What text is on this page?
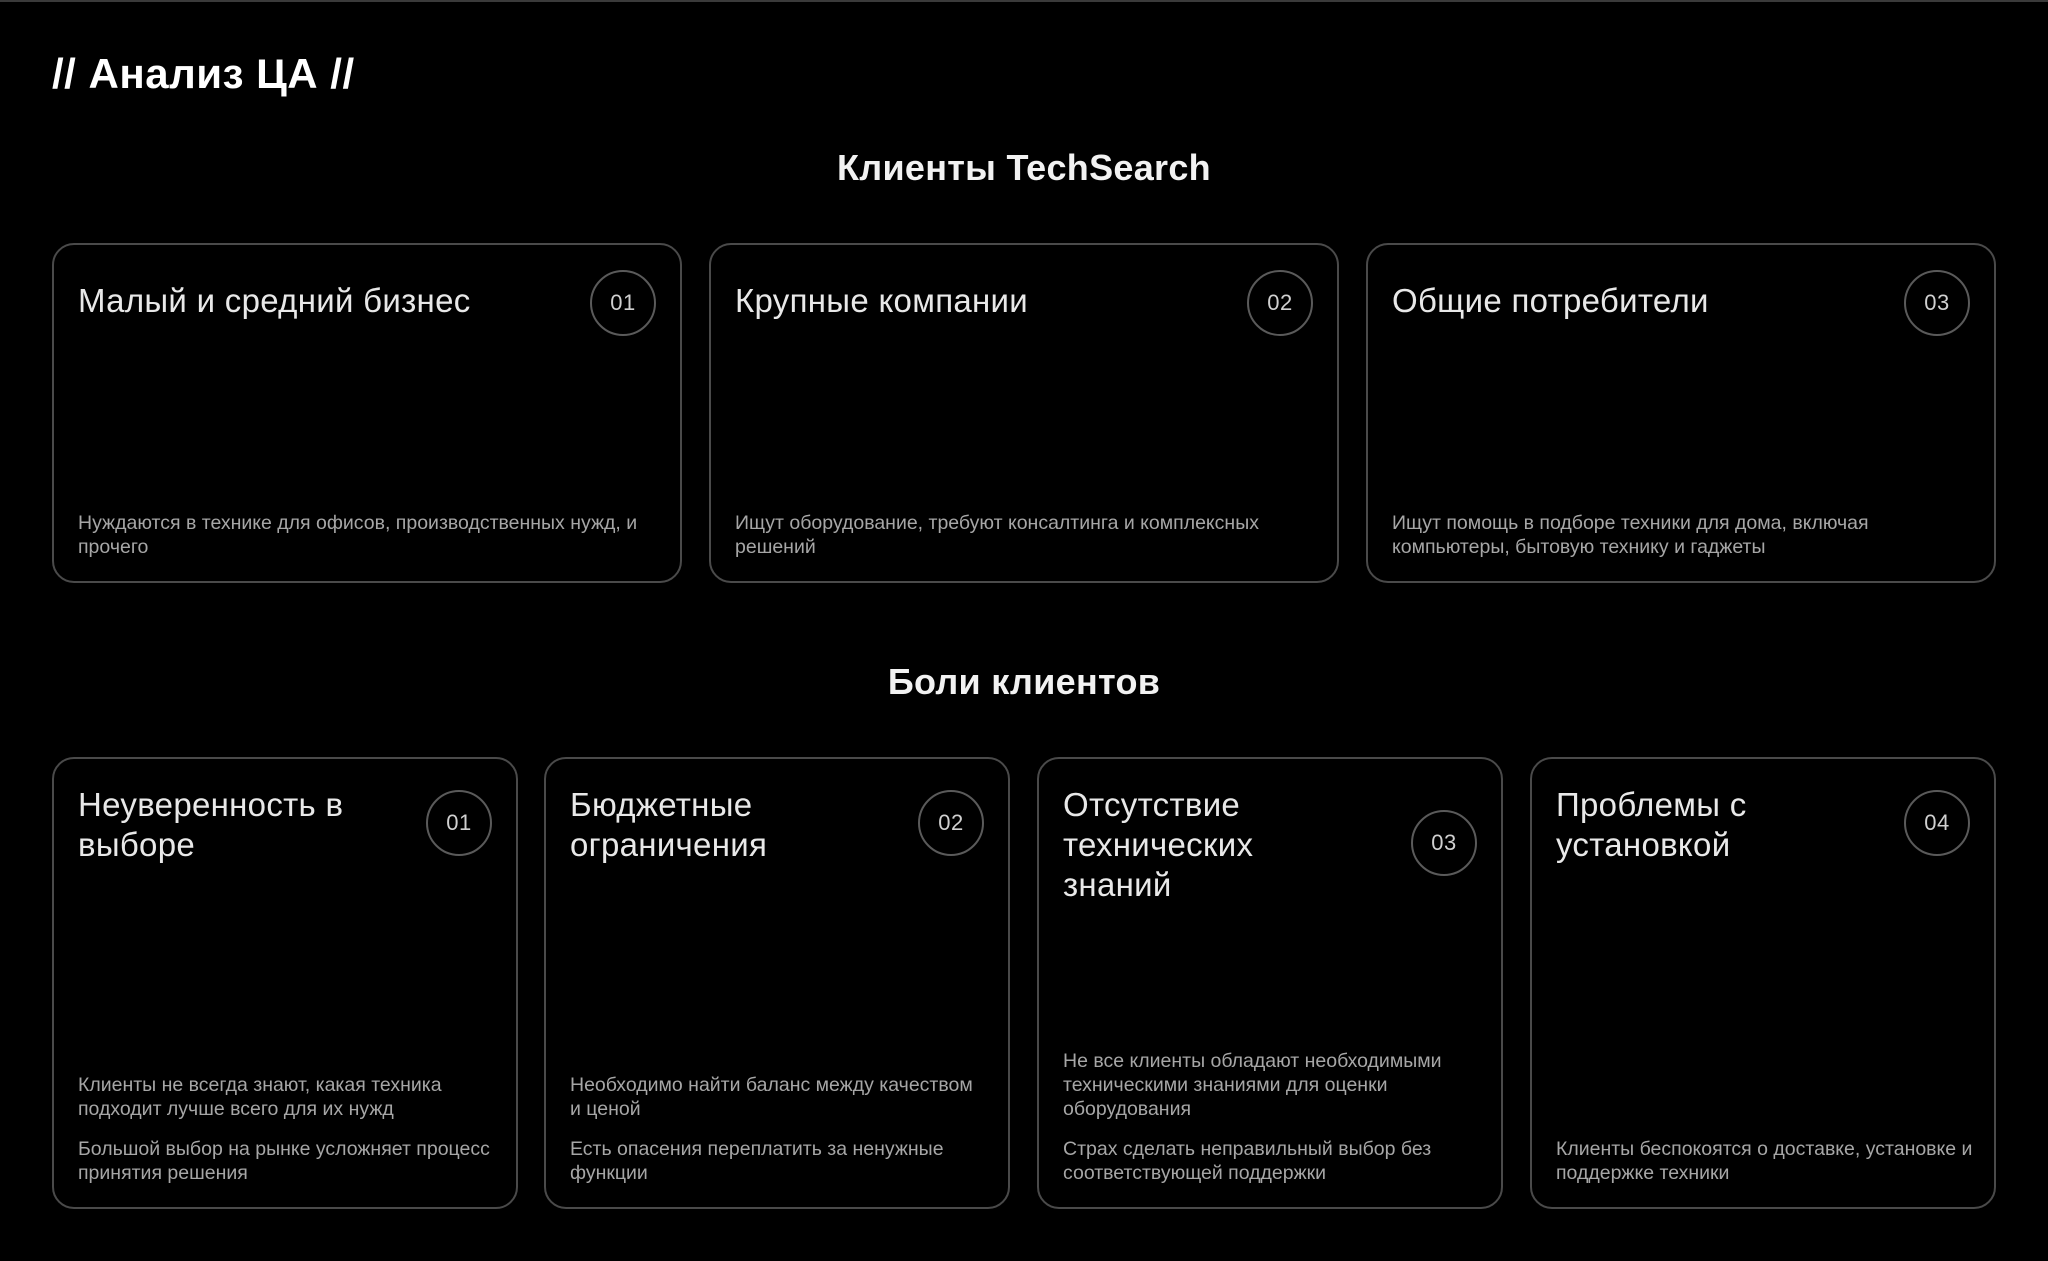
// Анализ ЦА //
Клиенты TechSearch
Малый и средний бизнес	01

Нуждаются в технике для офисов, производственных нужд, и прочего

Крупные компании	02

Ищут оборудование, требуют консалтинга и комплексных решений

Общие потребители	03

Ищут помощь в подборе техники для дома, включая компьютеры, бытовую технику и гаджеты

Боли клиентов
Неуверенность в выборе
01

Клиенты не всегда знают, какая техника подходит лучше всего для их нужд

Большой выбор на рынке усложняет процесс принятия решения

Бюджетные ограничения
02

Необходимо найти баланс между качеством и ценой

Есть опасения переплатить за ненужные функции

Отсутствие технических знаний
03

Не все клиенты обладают необходимыми техническими знаниями для оценки оборудования

Страх сделать неправильный выбор без соответствующей поддержки

Проблемы с установкой
04

Клиенты беспокоятся о доставке, установке и поддержке техники
